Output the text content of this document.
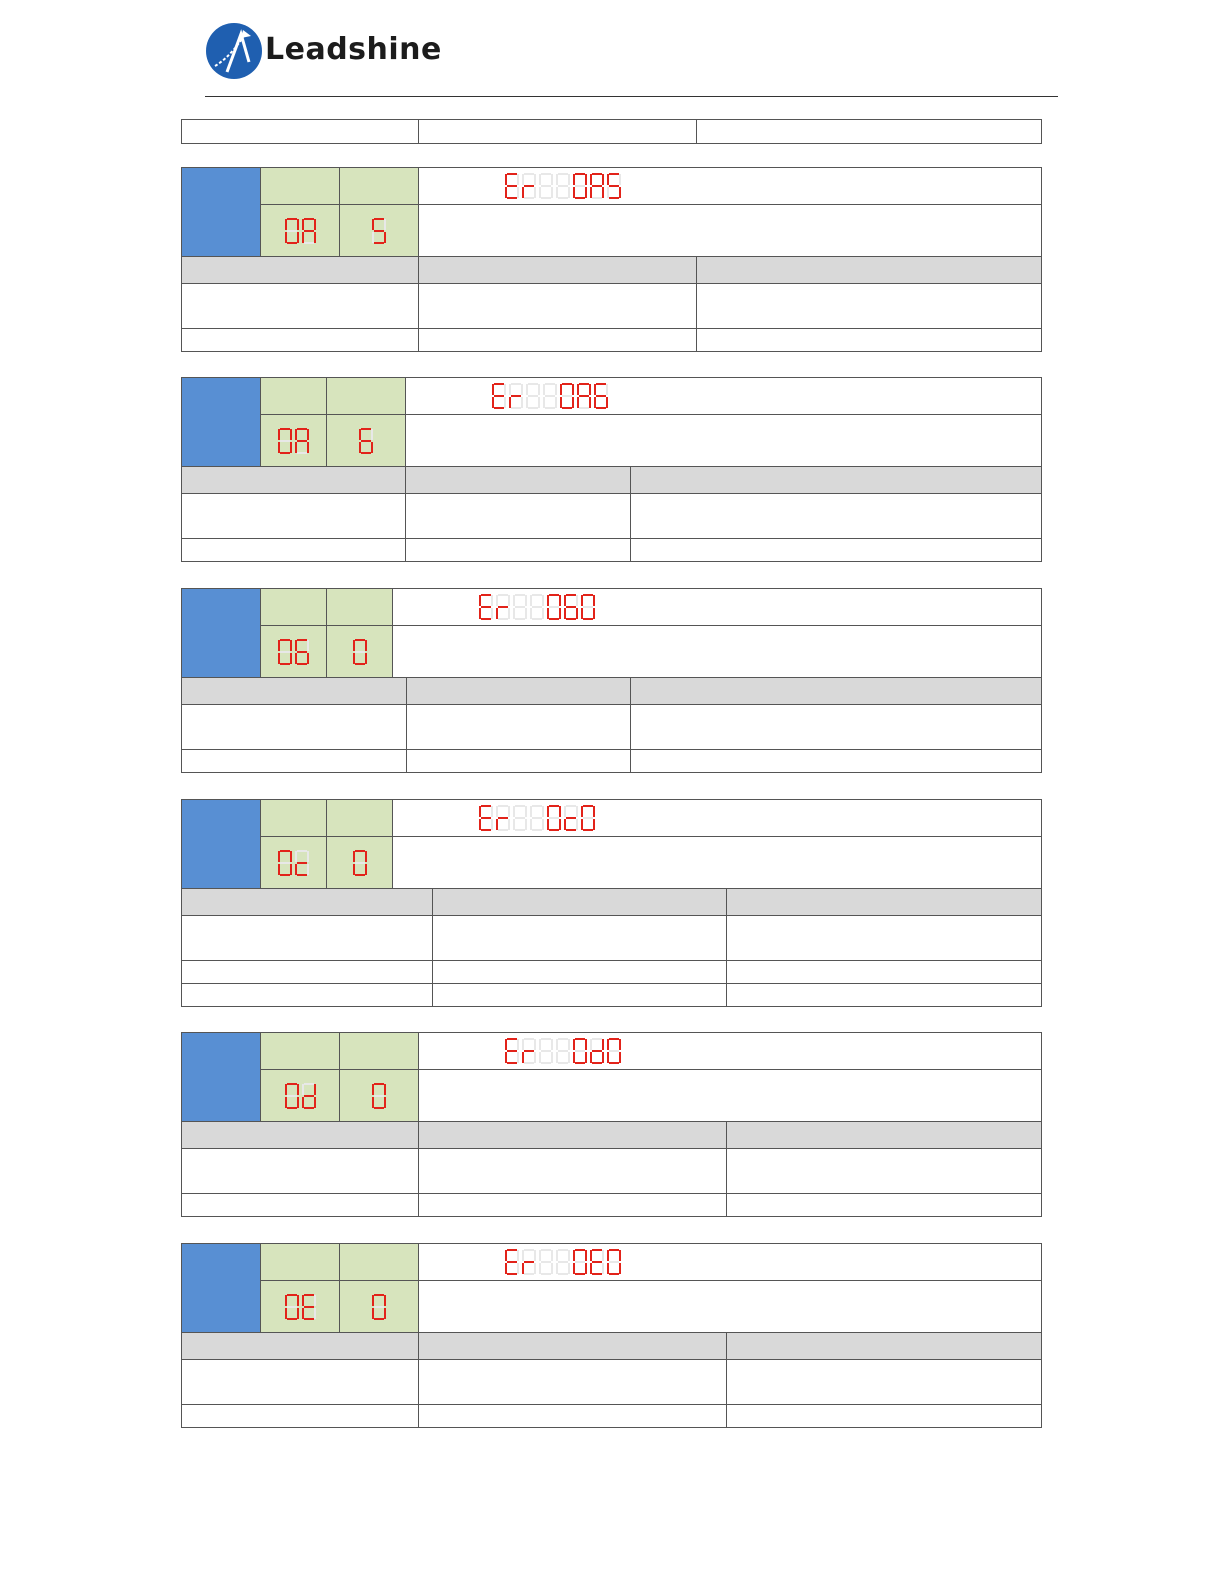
Leadshine
